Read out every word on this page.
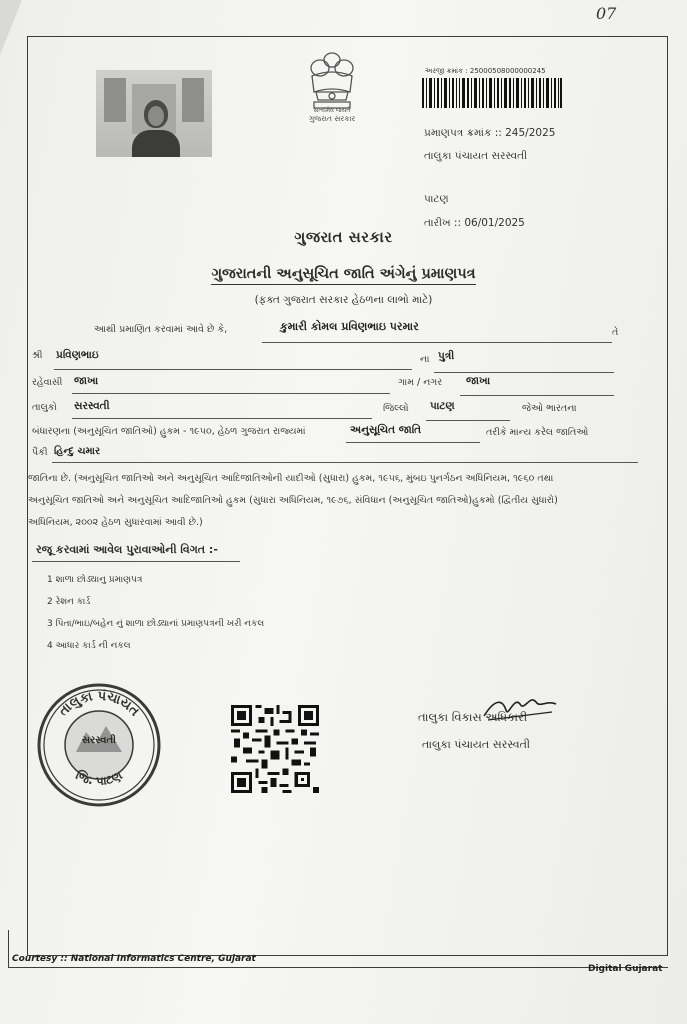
07
સત્યમેવ જયતે
ગુજરાત સરકાર
અરજી ક્રમાંક : 25000508000000245
પ્રમાણપત્ર ક્રમાંક :: 245/2025
તાલુકા પંચાયત સરસ્વતી
પાટણ
તારીખ :: 06/01/2025
ગુજરાત સરકાર
ગુજરાતની અનુસૂચિત જાતિ અંગેનું પ્રમાણપત્ર
(ફક્ત ગુજરાત સરકાર હેઠળના લાભો માટે)
આથી પ્રમાણિત કરવામાં આવે છે કે,	કુમારી કોમલ પ્રવિણભાઇ પરમાર	તે
શ્રી પ્રવિણભાઇ	ના પુત્રી
રહેવાસી જાખા	ગામ / નગર જાખા
તાલુકો સરસ્વતી	જિલ્લો પાટણ	જેઓ ભારતના
બંધારણના (અનુસૂચિત જાતિઓ) હુકમ - ૧૯૫૦, હેઠળ ગુજરાત રાજ્યમાં	અનુસૂચિત જાતિ	તરીકે માન્ય કરેલ જાતિઓ
પૈકી હિન્દુ ચમાર
જાતિના છે. (અનુસૂચિત જાતિઓ અને અનુસૂચિત આદિજાતિઓની યાદીઓ (સુધારા) હુકમ, ૧૯૫૬, મુંબઇ પુનર્ગઠન અધિનિયમ, ૧૯૬૦ તથા
અનુસૂચિત જાતિઓ અને અનુસૂચિત આદિજાતિઓ હુકમ (સુધારા અધિનિયમ, ૧૯૭૬, સંવિધાન (અનુસૂચિત જાતિઓ)હુકમો (દ્વિતીય સુધારો)
અધિનિયમ, ૨૦૦૨ હેઠળ સુધારવામાં આવી છે.)
રજૂ કરવામાં આવેલ પુરાવાઓની વિગત :-
1 શાળા છોડ્યાનુ પ્રમાણપત્ર
2 રેશન કાર્ડ
3 પિતા/ભાઇ/બહેન નું શાળા છોડ્યાનાં પ્રમાણપત્રની ખરી નકલ
4 આધાર કાર્ડ ની નકલ
તાલુકા પંચાયત
સરસ્વતી
જિ. પાટણ
તાલુકા વિકાસ અધિકારી
તાલુકા પંચાયત સરસ્વતી
Courtesy :: National Informatics Centre, Gujarat
Digital Gujarat
